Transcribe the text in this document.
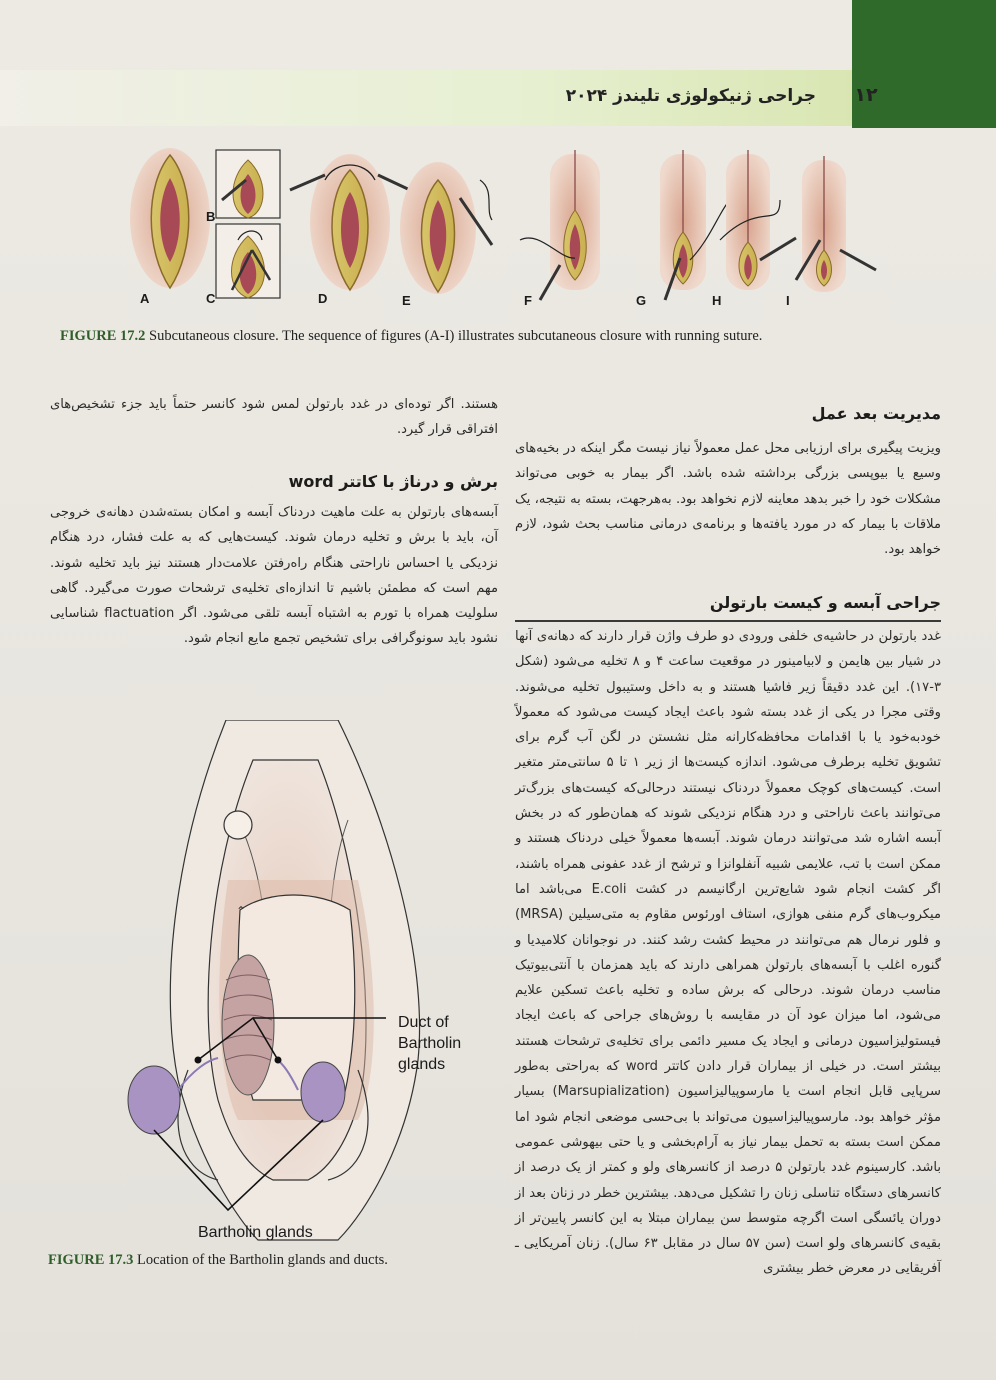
۱۲
جراحی ژنیکولوژی تلیندز ۲۰۲۴
A
B
C	D	E	F	G	H	I
FIGURE 17.2 Subcutaneous closure. The sequence of figures (A-I) illustrates subcutaneous closure with running suture.

هستند. اگر توده‌ای در غدد بارتولن لمس شود کانسر حتماً باید جزء تشخیص‌های افتراقی قرار گیرد.

برش و درناژ با کاتتر word

آبسه‌های بارتولن به علت ماهیت دردناک آبسه و امکان بسته‌شدن دهانه‌ی خروجی آن، باید با برش و تخلیه درمان شوند. کیست‌هایی که به علت فشار، درد هنگام نزدیکی یا احساس ناراحتی هنگام راه‌رفتن علامت‌دار هستند نیز باید تخلیه شوند. مهم است که مطمئن باشیم تا اندازه‌ای تخلیه‌ی ترشحات صورت می‌گیرد. گاهی سلولیت همراه با تورم به اشتباه آبسه تلقی می‌شود. اگر flactuation شناسایی نشود باید سونوگرافی برای تشخیص تجمع مایع انجام شود.

⌃
Duct of
Bartholin
glands
Bartholin glands
FIGURE 17.3 Location of the Bartholin glands and ducts.
مدیریت بعد عمل

ویزیت پیگیری برای ارزیابی محل عمل معمولاً نیاز نیست مگر اینکه در بخیه‌های وسیع یا بیوپسی بزرگی برداشته شده باشد. اگر بیمار به خوبی می‌تواند مشکلات خود را خبر بدهد معاینه لازم نخواهد بود. به‌هرجهت، بسته به نتیجه، یک ملاقات با بیمار که در مورد یافته‌ها و برنامه‌ی درمانی مناسب بحث شود، لازم خواهد بود.

جراحی آبسه و کیست بارتولن

غدد بارتولن در حاشیه‌ی خلفی ورودی دو طرف واژن قرار دارند که دهانه‌ی آنها در شیار بین هایمن و لابیامینور در موقعیت ساعت ۴ و ۸ تخلیه می‌شود (شکل ۳-۱۷). این غدد دقیقاً زیر فاشیا هستند و به داخل وستیبول تخلیه می‌شوند. وقتی مجرا در یکی از غدد بسته شود باعث ایجاد کیست می‌شود که معمولاً خودبه‌خود یا با اقدامات محافظه‌کارانه مثل نشستن در لگن آب گرم برای تشویق تخلیه برطرف می‌شود. اندازه کیست‌ها از زیر ۱ تا ۵ سانتی‌متر متغیر است. کیست‌های کوچک معمولاً دردناک نیستند درحالی‌که کیست‌های بزرگ‌تر می‌توانند باعث ناراحتی و درد هنگام نزدیکی شوند که همان‌طور که در بخش آبسه اشاره شد می‌توانند درمان شوند. آبسه‌ها معمولاً خیلی دردناک هستند و ممکن است با تب، علایمی شبیه آنفلوانزا و ترشح از غدد عفونی همراه باشند، اگر کشت انجام شود شایع‌ترین ارگانیسم در کشت E.coli می‌باشد اما میکروب‌های گرم منفی هوازی، استاف اورئوس مقاوم به متی‌سیلین (MRSA) و فلور نرمال هم می‌توانند در محیط کشت رشد کنند. در نوجوانان کلامیدیا و گنوره اغلب با آبسه‌های بارتولن همراهی دارند که باید همزمان با آنتی‌بیوتیک مناسب درمان شوند. درحالی که برش ساده و تخلیه باعث تسکین علایم می‌شود، اما میزان عود آن در مقایسه با روش‌های جراحی که باعث ایجاد فیستولیزاسیون درمانی و ایجاد یک مسیر دائمی برای تخلیه‌ی ترشحات هستند بیشتر است. در خیلی از بیماران قرار دادن کاتتر word که به‌راحتی به‌طور سرپایی قابل انجام است یا مارسوپیالیزاسیون (Marsupialization) بسیار مؤثر خواهد بود. مارسوپیالیزاسیون می‌تواند با بی‌حسی موضعی انجام شود اما ممکن است بسته به تحمل بیمار نیاز به آرام‌بخشی و یا حتی بیهوشی عمومی باشد. کارسینوم غدد بارتولن ۵ درصد از کانسرهای ولو و کمتر از یک درصد از کانسرهای دستگاه تناسلی زنان را تشکیل می‌دهد. بیشترین خطر در زنان بعد از دوران یائسگی است اگرچه متوسط سن بیماران مبتلا به این کانسر پایین‌تر از بقیه‌ی کانسرهای ولو است (سن ۵۷ سال در مقابل ۶۳ سال). زنان آمریکایی ـ آفریقایی در معرض خطر بیشتری
